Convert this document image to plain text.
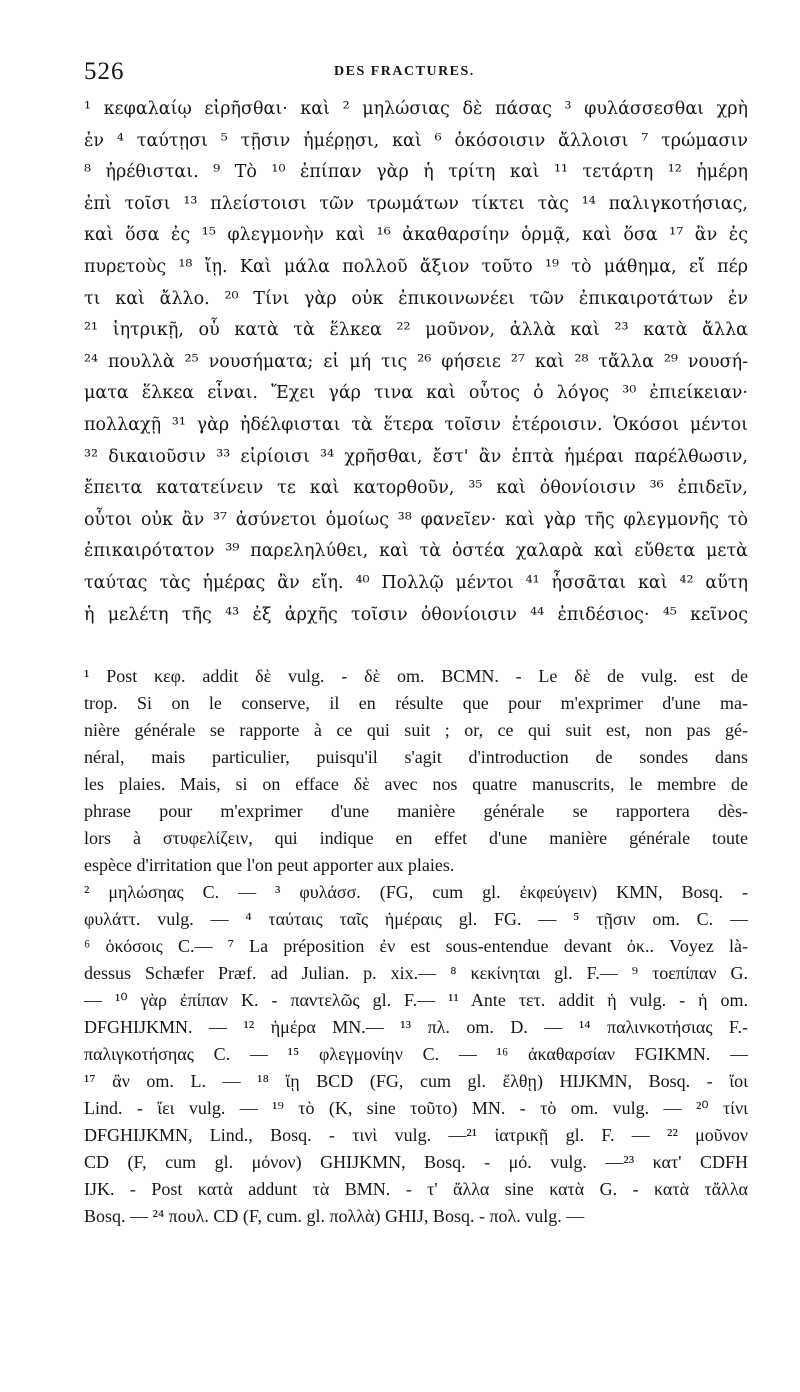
526	DES FRACTURES.
¹ κεφαλαίῳ εἰρῆσθαι· καὶ ² μηλώσιας δὲ πάσας ³ φυλάσσεσθαι χρὴ
ἐν ⁴ ταύτῃσι ⁵ τῇσιν ἡμέρῃσι, καὶ ⁶ ὁκόσοισιν ἄλλοισι ⁷ τρώμασιν
⁸ ἠρέθισται. ⁹ Τὸ ¹⁰ ἐπίπαν γὰρ ἡ τρίτη καὶ ¹¹ τετάρτη ¹² ἡμέρη
ἐπὶ τοῖσι ¹³ πλείστοισι τῶν τρωμάτων τίκτει τὰς ¹⁴ παλιγκοτήσιας,
καὶ ὅσα ἐς ¹⁵ φλεγμονὴν καὶ ¹⁶ ἀκαθαρσίην ὁρμᾷ, καὶ ὅσα ¹⁷ ἂν ἐς
πυρετοὺς ¹⁸ ἴῃ. Καὶ μάλα πολλοῦ ἄξιον τοῦτο ¹⁹ τὸ μάθημα, εἴ πέρ
τι καὶ ἄλλο. ²⁰ Τίνι γὰρ οὐκ ἐπικοινωνέει τῶν ἐπικαιροτάτων ἐν
²¹ ἰητρικῇ, οὗ κατὰ τὰ ἕλκεα ²² μοῦνον, ἀλλὰ καὶ ²³ κατὰ ἄλλα
²⁴ πουλλὰ ²⁵ νουσήματα; εἰ μή τις ²⁶ φήσειε ²⁷ καὶ ²⁸ τἄλλα ²⁹ νουσή-
ματα ἕλκεα εἶναι. Ἔχει γάρ τινα καὶ οὗτος ὁ λόγος ³⁰ ἐπιείκειαν·
πολλαχῇ ³¹ γὰρ ἠδέλφισται τὰ ἕτερα τοῖσιν ἑτέροισιν. Ὁκόσοι μέντοι
³² δικαιοῦσιν ³³ εἰρίοισι ³⁴ χρῆσθαι, ἔστ' ἂν ἑπτὰ ἡμέραι παρέλθωσιν,
ἔπειτα κατατείνειν τε καὶ κατορθοῦν, ³⁵ καὶ ὀθονίοισιν ³⁶ ἐπιδεῖν,
οὗτοι οὐκ ἂν ³⁷ ἀσύνετοι ὁμοίως ³⁸ φανεῖεν· καὶ γὰρ τῆς φλεγμονῆς τὸ
ἐπικαιρότατον ³⁹ παρεληλύθει, καὶ τὰ ὀστέα χαλαρὰ καὶ εὔθετα μετὰ
ταύτας τὰς ἡμέρας ἂν εἴη. ⁴⁰ Πολλῷ μέντοι ⁴¹ ἧσσᾶται καὶ ⁴² αὕτη
ἡ μελέτη τῆς ⁴³ ἐξ ἀρχῆς τοῖσιν ὀθονίοισιν ⁴⁴ ἐπιδέσιος· ⁴⁵ κεῖνος
¹ Post κεφ. addit δὲ vulg. - δὲ om. BCMN. - Le δὲ de vulg. est de
trop. Si on le conserve, il en résulte que pour m'exprimer d'une ma-
nière générale se rapporte à ce qui suit ; or, ce qui suit est, non pas gé-
néral, mais particulier, puisqu'il s'agit d'introduction de sondes dans
les plaies. Mais, si on efface δὲ avec nos quatre manuscrits, le membre de
phrase pour m'exprimer d'une manière générale se rapportera dès-
lors à στυφελίζειν, qui indique en effet d'une manière générale toute
espèce d'irritation que l'on peut apporter aux plaies.
² μηλώσηας C. — ³ φυλάσσ. (FG, cum gl. ἐκφεύγειν) KMN, Bosq. -
φυλάττ. vulg. — ⁴ ταύταις ταῖς ἡμέραις gl. FG. — ⁵ τῇσιν om. C. —
⁶ ὁκόσοις C.— ⁷ La préposition ἐν est sous-entendue devant ὀκ.. Voyez là-
dessus Schæfer Præf. ad Julian. p. xix.— ⁸ κεκίνηται gl. F.— ⁹ τοεπίπαν G.
— ¹⁰ γὰρ ἐπίπαν K. - παντελῶς gl. F.— ¹¹ Ante τετ. addit ἡ vulg. - ἡ om.
DFGHIJKMN. — ¹² ἡμέρα MN.— ¹³ πλ. om. D. — ¹⁴ παλινκοτήσιας F.-
παλιγκοτήσηας C. — ¹⁵ φλεγμονίην C. — ¹⁶ ἀκαθαρσίαν FGIKMN. —
¹⁷ ἂν om. L. — ¹⁸ ἴῃ BCD (FG, cum gl. ἔλθῃ) HIJKMN, Bosq. - ἴοι
Lind. - ἴει vulg. — ¹⁹ τὸ (K, sine τοῦτο) MN. - τὸ om. vulg. — ²⁰ τίνι
DFGHIJKMN, Lind., Bosq. - τινὶ vulg. —²¹ ἰατρικῇ gl. F. — ²² μοῦνον
CD (F, cum gl. μόνον) GHIJKMN, Bosq. - μό. vulg. —²³ κατ' CDFH
IJK. - Post κατὰ addunt τὰ BMN. - τ' ἄλλα sine κατὰ G. - κατὰ τἄλλα
Bosq. — ²⁴ πουλ. CD (F, cum. gl. πολλὰ) GHIJ, Bosq. - πολ. vulg. —
